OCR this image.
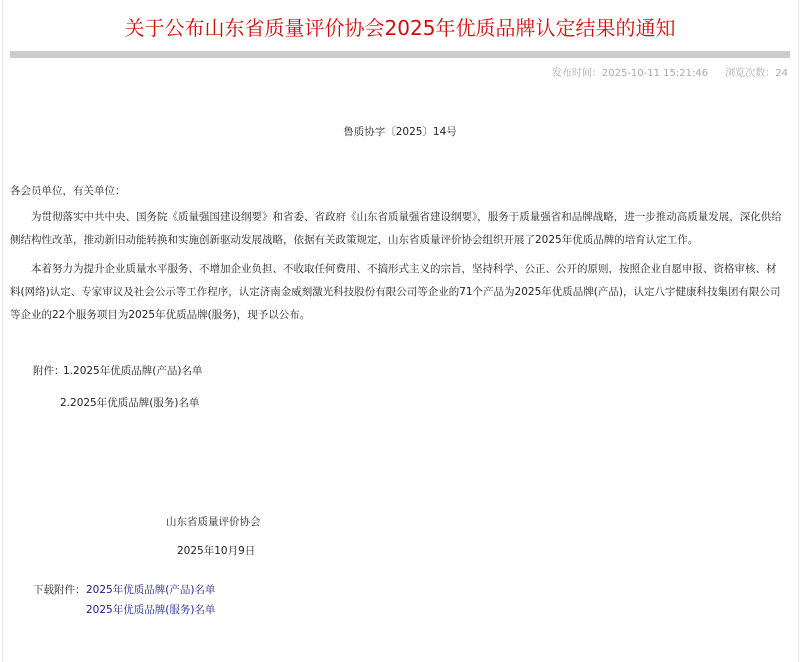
关于公布山东省质量评价协会2025年优质品牌认定结果的通知
发布时间：2025-10-11 15:21:46 浏览次数：24
鲁质协字〔2025〕14号
各会员单位，有关单位：
为贯彻落实中共中央、国务院《质量强国建设纲要》和省委、省政府《山东省质量强省建设纲要》，服务于质量强省和品牌战略，进一步推动高质量发展，深化供给侧结构性改革，推动新旧动能转换和实施创新驱动发展战略，依据有关政策规定，山东省质量评价协会组织开展了2025年优质品牌的培育认定工作。
本着努力为提升企业质量水平服务、不增加企业负担、不收取任何费用、不搞形式主义的宗旨，坚持科学、公正、公开的原则，按照企业自愿申报、资格审核、材料(网络)认定、专家审议及社会公示等工作程序，认定济南金威刻激光科技股份有限公司等企业的71个产品为2025年优质品牌(产品)，认定八宇健康科技集团有限公司等企业的22个服务项目为2025年优质品牌(服务)，现予以公布。
附件：
1.2025年优质品牌(产品)名单
2.2025年优质品牌(服务)名单
山东省质量评价协会
2025年10月9日
下载附件： 2025年优质品牌(产品)名单
2025年优质品牌(服务)名单
